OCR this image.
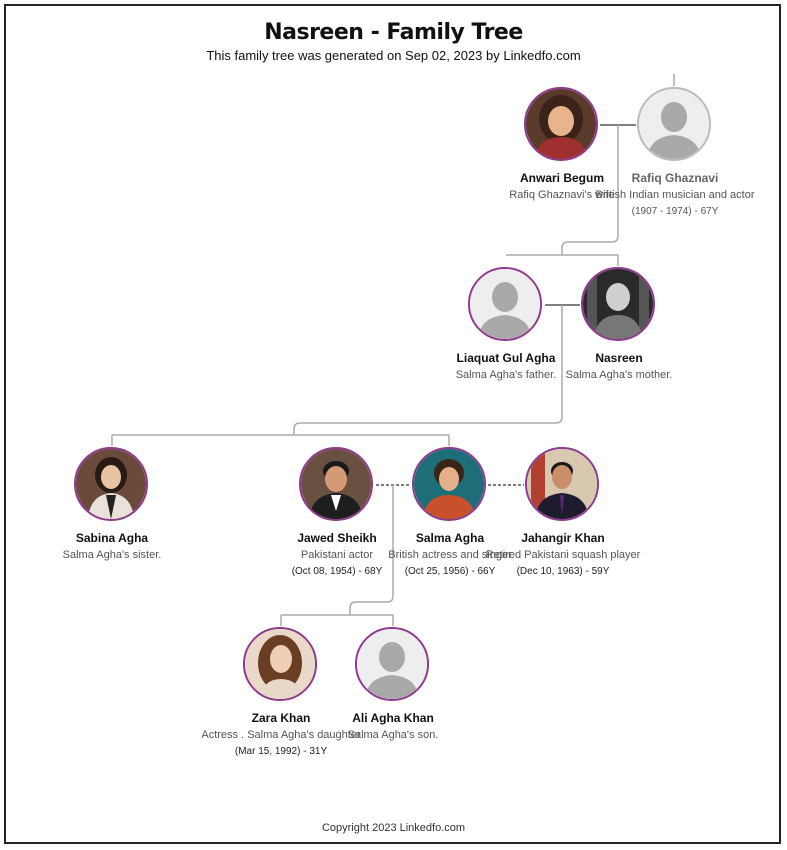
Nasreen - Family Tree
This family tree was generated on Sep 02, 2023 by Linkedfo.com
Anwari Begum
Rafiq Ghaznavi's wife
Rafiq Ghaznavi
British Indian musician and actor
(1907 - 1974) - 67Y
Liaquat Gul Agha
Salma Agha's father.
Nasreen
Salma Agha's mother.
Sabina Agha
Salma Agha's sister.
Jawed Sheikh
Pakistani actor
(Oct 08, 1954) - 68Y
Salma Agha
British actress and singer
(Oct 25, 1956) - 66Y
Jahangir Khan
Retired Pakistani squash player
(Dec 10, 1963) - 59Y
Zara Khan
Actress . Salma Agha's daughter
(Mar 15, 1992) - 31Y
Ali Agha Khan
Salma Agha's son.
Copyright 2023 Linkedfo.com
